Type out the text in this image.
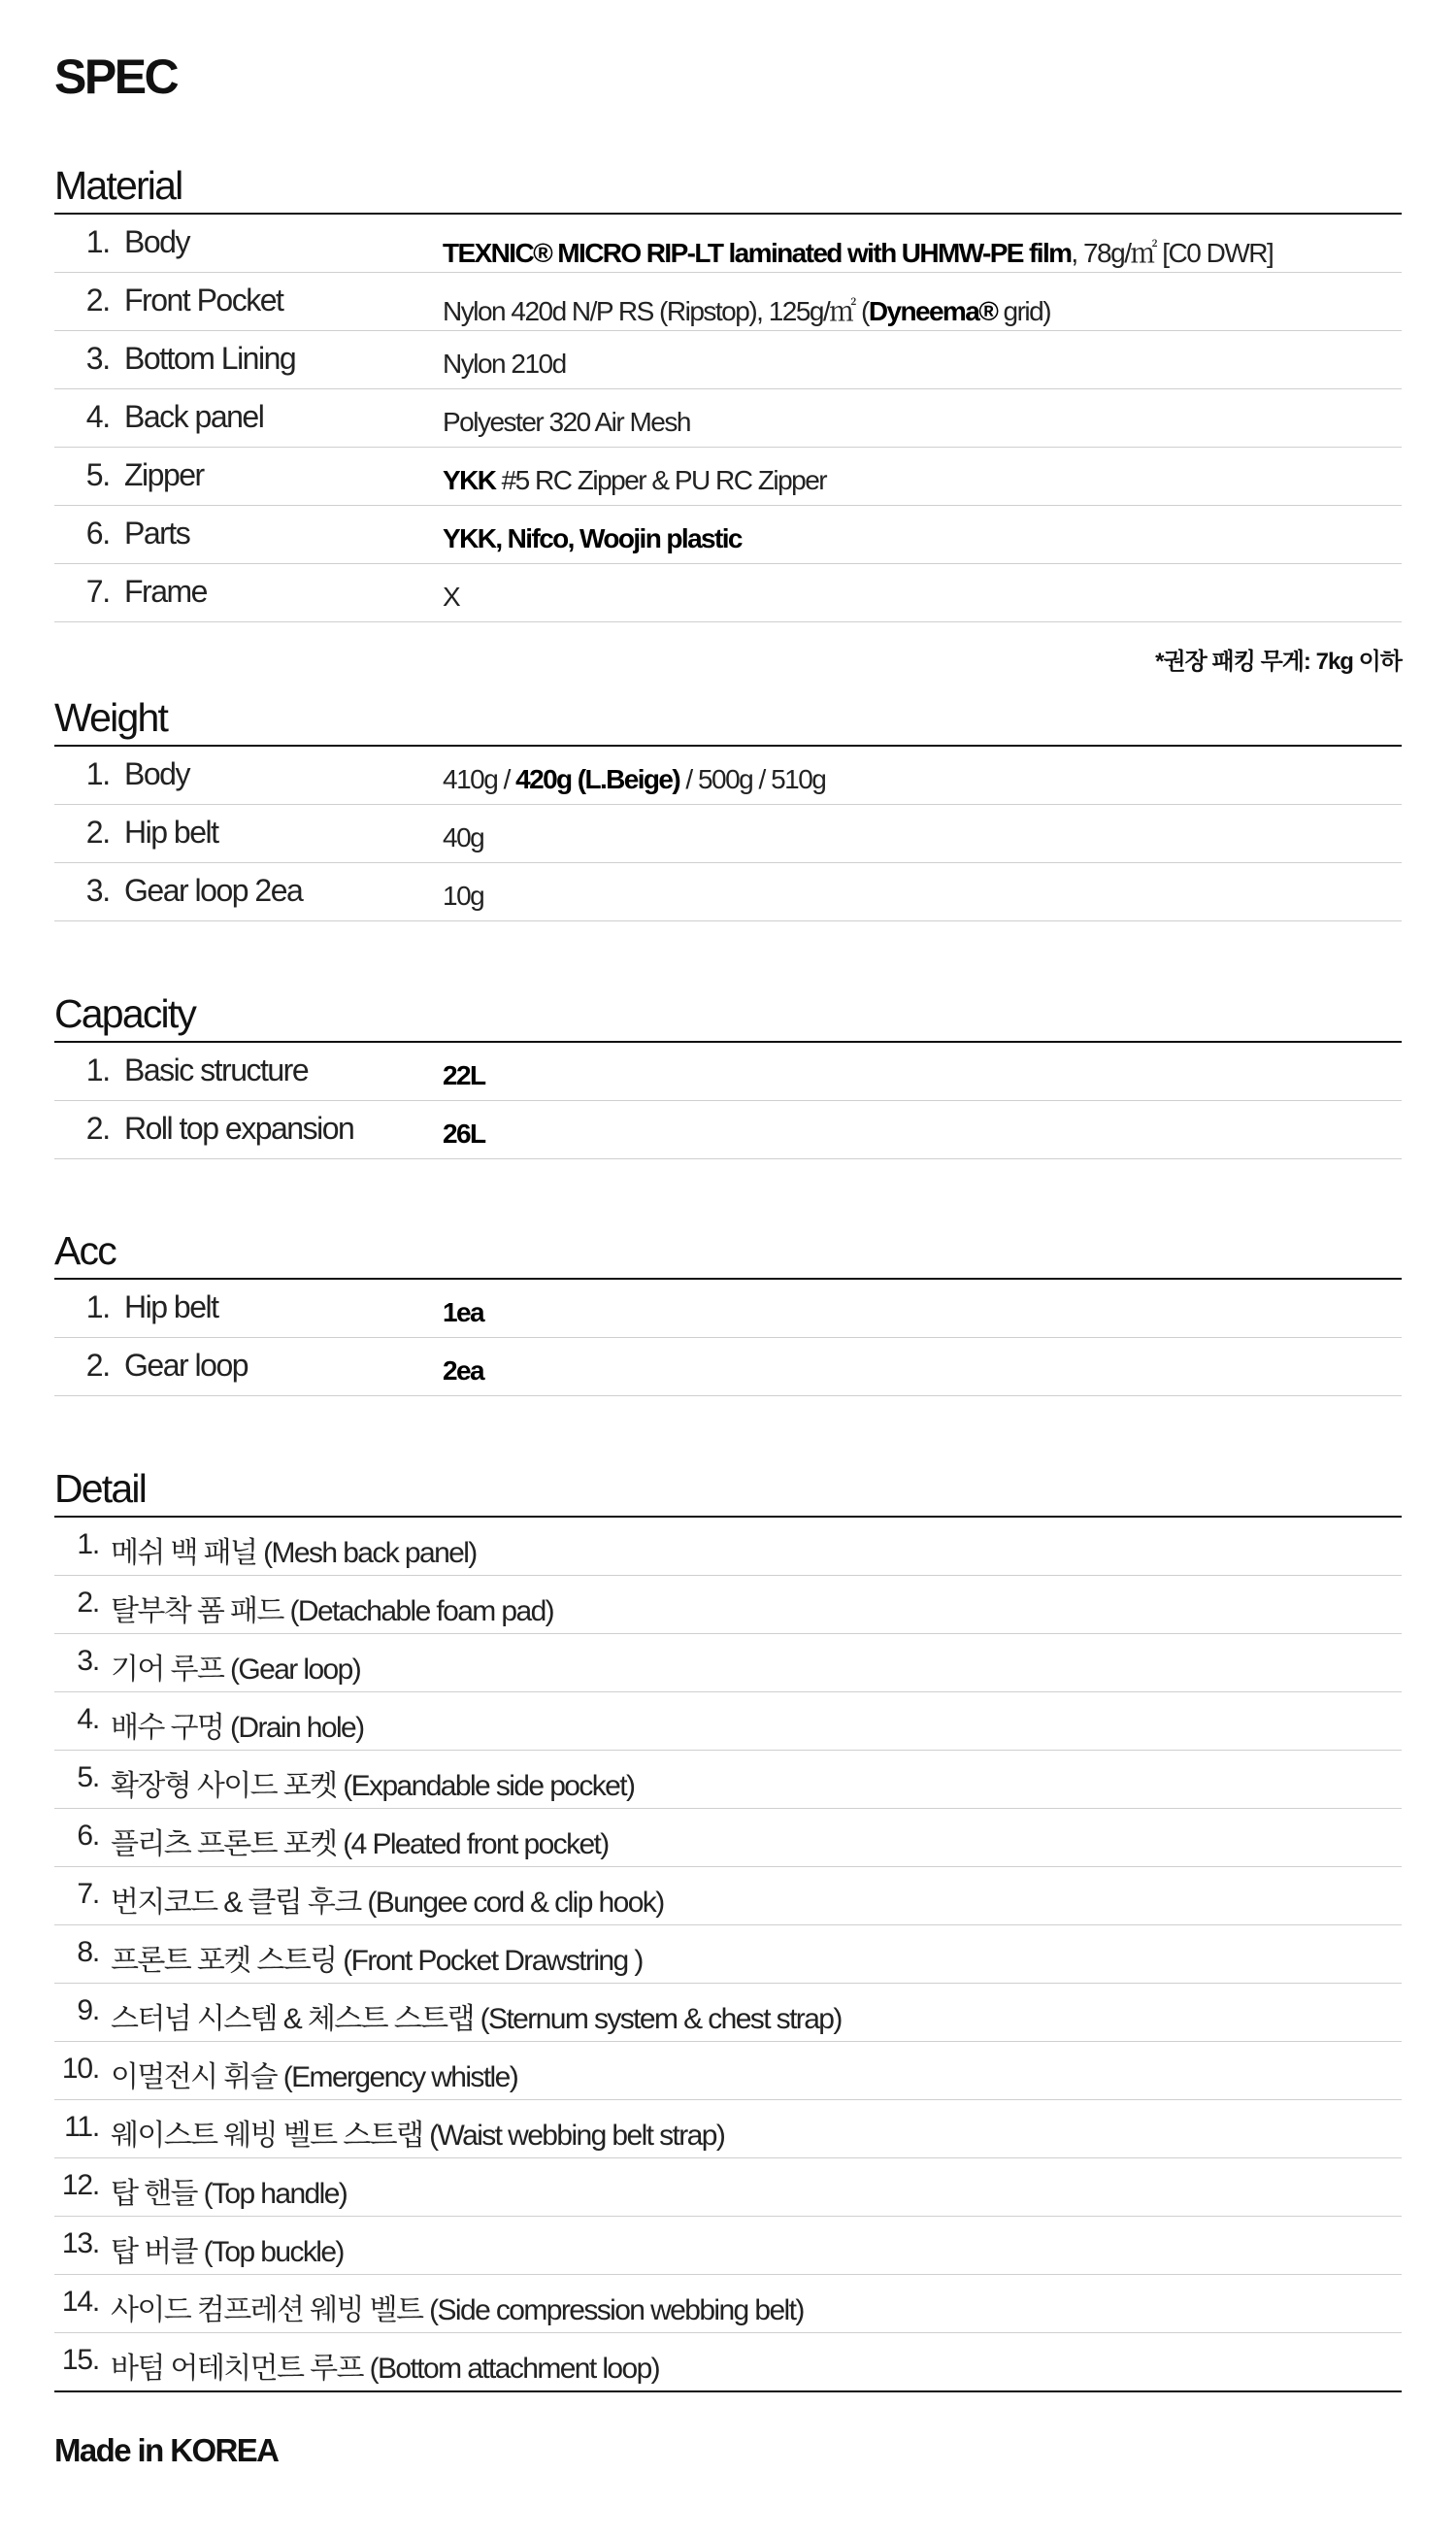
SPEC
Material
1. Body	TEXNIC® MICRO RIP-LT laminated with UHMW-PE film, 78g/㎡ [C0 DWR]
2. Front Pocket	Nylon 420d N/P RS (Ripstop), 125g/㎡ (Dyneema® grid)
3. Bottom Lining	Nylon 210d
4. Back panel	Polyester 320 Air Mesh
5. Zipper	YKK #5 RC Zipper & PU RC Zipper
6. Parts	YKK, Nifco, Woojin plastic
7. Frame	X
*권장 패킹 무게: 7kg 이하
Weight
1. Body	410g / 420g (L.Beige) / 500g / 510g
2. Hip belt	40g
3. Gear loop 2ea	10g
Capacity
1. Basic structure	22L
2. Roll top expansion	26L
Acc
1. Hip belt	1ea
2. Gear loop	2ea
Detail
1. 메쉬 백 패널 (Mesh back panel)
2. 탈부착 폼 패드 (Detachable foam pad)
3. 기어 루프 (Gear loop)
4. 배수 구멍 (Drain hole)
5. 확장형 사이드 포켓 (Expandable side pocket)
6. 플리츠 프론트 포켓 (4 Pleated front pocket)
7. 번지코드 & 클립 후크 (Bungee cord & clip hook)
8. 프론트 포켓 스트링 (Front Pocket Drawstring )
9. 스터넘 시스템 & 체스트 스트랩 (Sternum system & chest strap)
10. 이멀전시 휘슬 (Emergency whistle)
11. 웨이스트 웨빙 벨트 스트랩 (Waist webbing belt strap)
12. 탑 핸들 (Top handle)
13. 탑 버클 (Top buckle)
14. 사이드 컴프레션 웨빙 벨트 (Side compression webbing belt)
15. 바텀 어테치먼트 루프 (Bottom attachment loop)
Made in KOREA
